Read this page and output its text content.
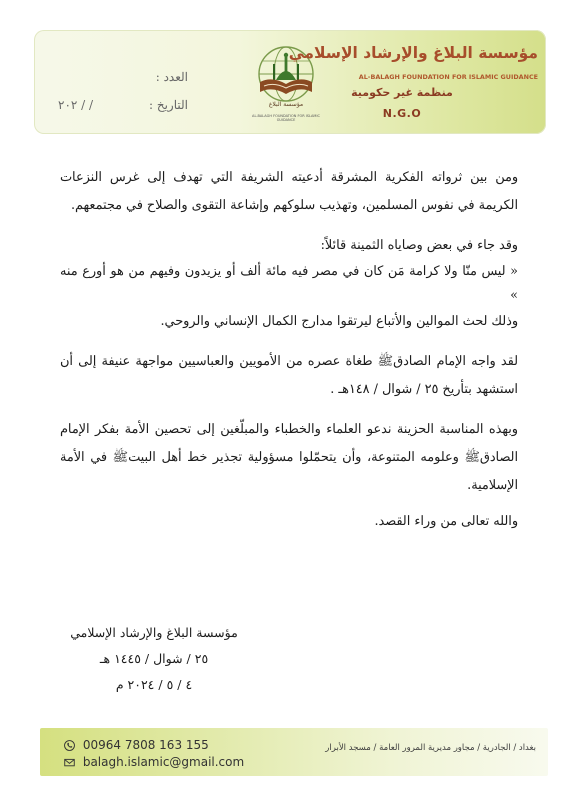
العدد :
التاريخ :
/ / ٢٠٢	مؤسسة البلاغ
AL-BALAGH FOUNDATION FOR ISLAMIC GUIDANCE
مؤسسة البلاغ والإرشاد الإسلامي
AL-BALAGH FOUNDATION FOR ISLAMIC GUIDANCE
منظمة غير حكومية
N.G.O

ومن بين ثرواته الفكرية المشرقة أدعيته الشريفة التي تهدف إلى غرس النزعات الكريمة في نفوس المسلمين، وتهذيب سلوكهم وإشاعة التقوى والصلاح في مجتمعهم.

وقد جاء في بعض وصاياه الثمينة قائلاً:

« ليس منّا ولا كرامة مَن كان في مصر فيه مائة ألف أو يزيدون وفيهم من هو أورع منه »

وذلك لحث الموالين والأتباع ليرتقوا مدارج الكمال الإنساني والروحي.

لقد واجه الإمام الصادقﷺ طغاة عصره من الأمويين والعباسيين مواجهة عنيفة إلى أن استشهد بتأريخ ٢٥ / شوال / ١٤٨هـ .

وبهذه المناسبة الحزينة ندعو العلماء والخطباء والمبلّغين إلى تحصين الأمة بفكر الإمام الصادقﷺ وعلومه المتنوعة، وأن يتحمّلوا مسؤولية تجذير خط أهل البيتﷺ في الأمة الإسلامية.

والله تعالى من وراء القصد.

مؤسسة البلاغ والإرشاد الإسلامي

٢٥ / شوال / ١٤٤٥ هـ

٤ / ٥ / ٢٠٢٤ م

00964 7808 163 155
balagh.islamic@gmail.com
بغداد / الجادرية / مجاور مديرية المرور العامة / مسجد الأبرار
